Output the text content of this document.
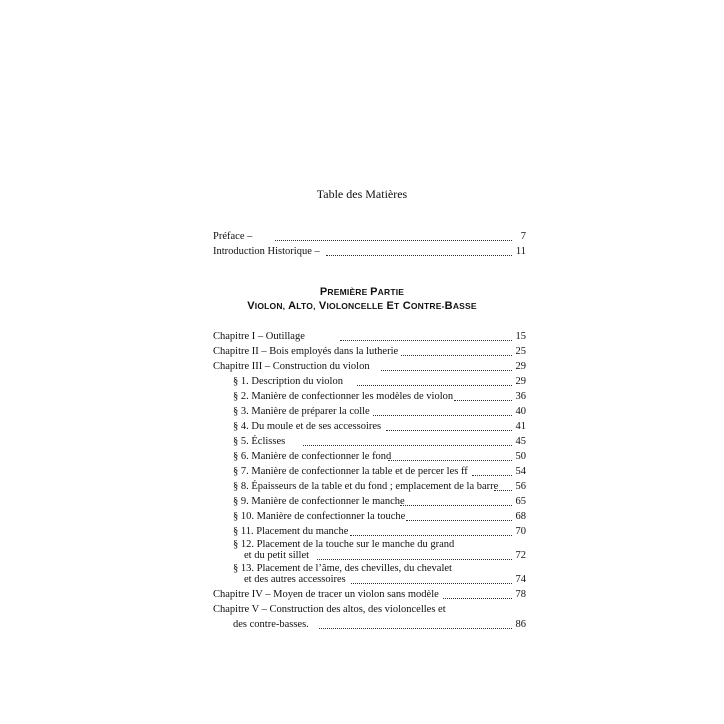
Table des Matières
Préface –	7
Introduction Historique –	11
PREMIÈRE PARTIE
VIOLON, ALTO, VIOLONCELLE ET CONTRE-BASSE
Chapitre I – Outillage	15
Chapitre II – Bois employés dans la lutherie	25
Chapitre III – Construction du violon	29
§ 1. Description du violon	29
§ 2. Manière de confectionner les modèles de violon	36
§ 3. Manière de préparer la colle	40
§ 4. Du moule et de ses accessoires	41
§ 5. Éclisses	45
§ 6. Manière de confectionner le fond	50
§ 7. Manière de confectionner la table et de percer les ff	54
§ 8. Épaisseurs de la table et du fond ; emplacement de la barre 56
§ 9. Manière de confectionner le manche	65
§ 10. Manière de confectionner la touche	68
§ 11. Placement du manche	70
§ 12. Placement de la touche sur le manche du grand
et du petit sillet	72
§ 13. Placement de l’âme, des chevilles, du chevalet
et des autres accessoires	74
Chapitre IV – Moyen de tracer un violon sans modèle	78
Chapitre V – Construction des altos, des violoncelles et
des contre-basses.	86
